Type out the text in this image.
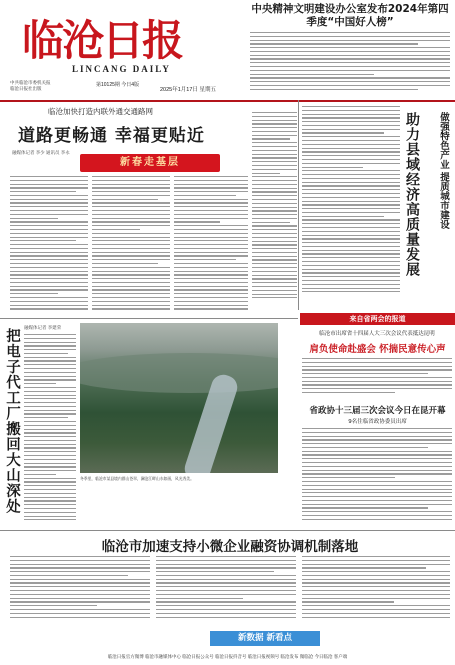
临沧日报
LINCANG DAILY
中共临沧市委机关报
临沧日报社出版
第10125期 今日4版
2025年1月17日 星期五
中央精神文明建设办公室发布2024年第四季度“中国好人榜”
临沧加快打造内联外通交通路网
道路更畅通 幸福更贴近
融媒体记者 李少 通讯员 李永
新春走基层	做强特色产业 提质城市建设
助力县域经济高质量发展
融媒体记者 李建荣
把电子代工厂搬回大山深处	冬季里，临沧市某县境内群山苍翠，澜沧江畔山水如画，风光秀美。
来自省两会的报道
临沧市出席省十四届人大三次会议代表抵达昆明
肩负使命赴盛会 怀揣民意传心声
省政协十三届三次会议今日在昆开幕
9名住临省政协委员出席
临沧市加速支持小微企业融资协调机制落地
新数据 新看点
临沧日报官方微博 临沧市融媒体中心 临沧日报公众号 临沧日报抖音号 临沧日报视频号 临沧发布 微临沧 今日临沧 客户端
